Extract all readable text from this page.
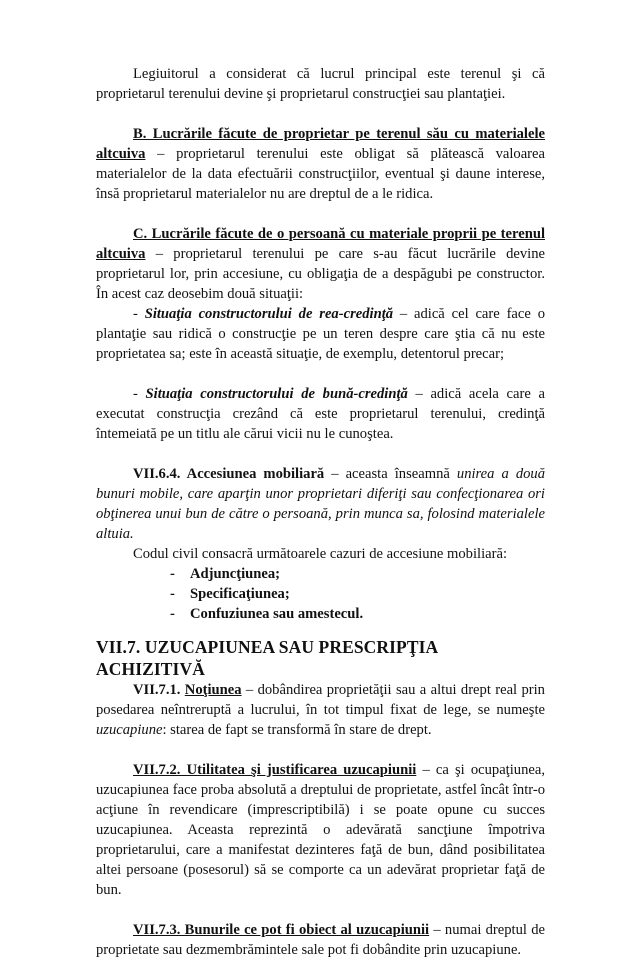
Legiuitorul a considerat că lucrul principal este terenul şi că proprietarul terenului devine şi proprietarul construcţiei sau plantaţiei.

B. Lucrările făcute de proprietar pe terenul său cu materialele altcuiva – proprietarul terenului este obligat să plătească valoarea materialelor de la data efectuării construcţiilor, eventual şi daune interese, însă proprietarul materialelor nu are dreptul de a le ridica.

C. Lucrările făcute de o persoană cu materiale proprii pe terenul altcuiva – proprietarul terenului pe care s-au făcut lucrările devine proprietarul lor, prin accesiune, cu obligaţia de a despăgubi pe constructor. În acest caz deosebim două situaţii:

- Situaţia constructorului de rea-credinţă – adică cel care face o plantaţie sau ridică o construcţie pe un teren despre care ştia că nu este proprietatea sa; este în această situaţie, de exemplu, detentorul precar;

- Situaţia constructorului de bună-credinţă – adică acela care a executat construcţia crezând că este proprietarul terenului, credinţă întemeiată pe un titlu ale cărui vicii nu le cunoştea.

VII.6.4. Accesiunea mobiliară – aceasta înseamnă unirea a două bunuri mobile, care aparţin unor proprietari diferiţi sau confecţionarea ori obţinerea unui bun de către o persoană, prin munca sa, folosind materialele altuia.

Codul civil consacră următoarele cazuri de accesiune mobiliară:

- Adjuncţiunea;
- Specificaţiunea;
- Confuziunea sau amestecul.
VII.7. UZUCAPIUNEA SAU PRESCRIPŢIA ACHIZITIVĂ

VII.7.1. Noţiunea – dobândirea proprietăţii sau a altui drept real prin posedarea neîntreruptă a lucrului, în tot timpul fixat de lege, se numeşte uzucapiune: starea de fapt se transformă în stare de drept.

VII.7.2. Utilitatea şi justificarea uzucapiunii – ca şi ocupaţiunea, uzucapiunea face proba absolută a dreptului de proprietate, astfel încât într-o acţiune în revendicare (imprescriptibilă) i se poate opune cu succes uzucapiunea. Aceasta reprezintă o adevărată sancţiune împotriva proprietarului, care a manifestat dezinteres faţă de bun, dând posibilitatea altei persoane (posesorul) să se comporte ca un adevărat proprietar faţă de bun.

VII.7.3. Bunurile ce pot fi obiect al uzucapiunii – numai dreptul de proprietate sau dezmembrămintele sale pot fi dobândite prin uzucapiune.
